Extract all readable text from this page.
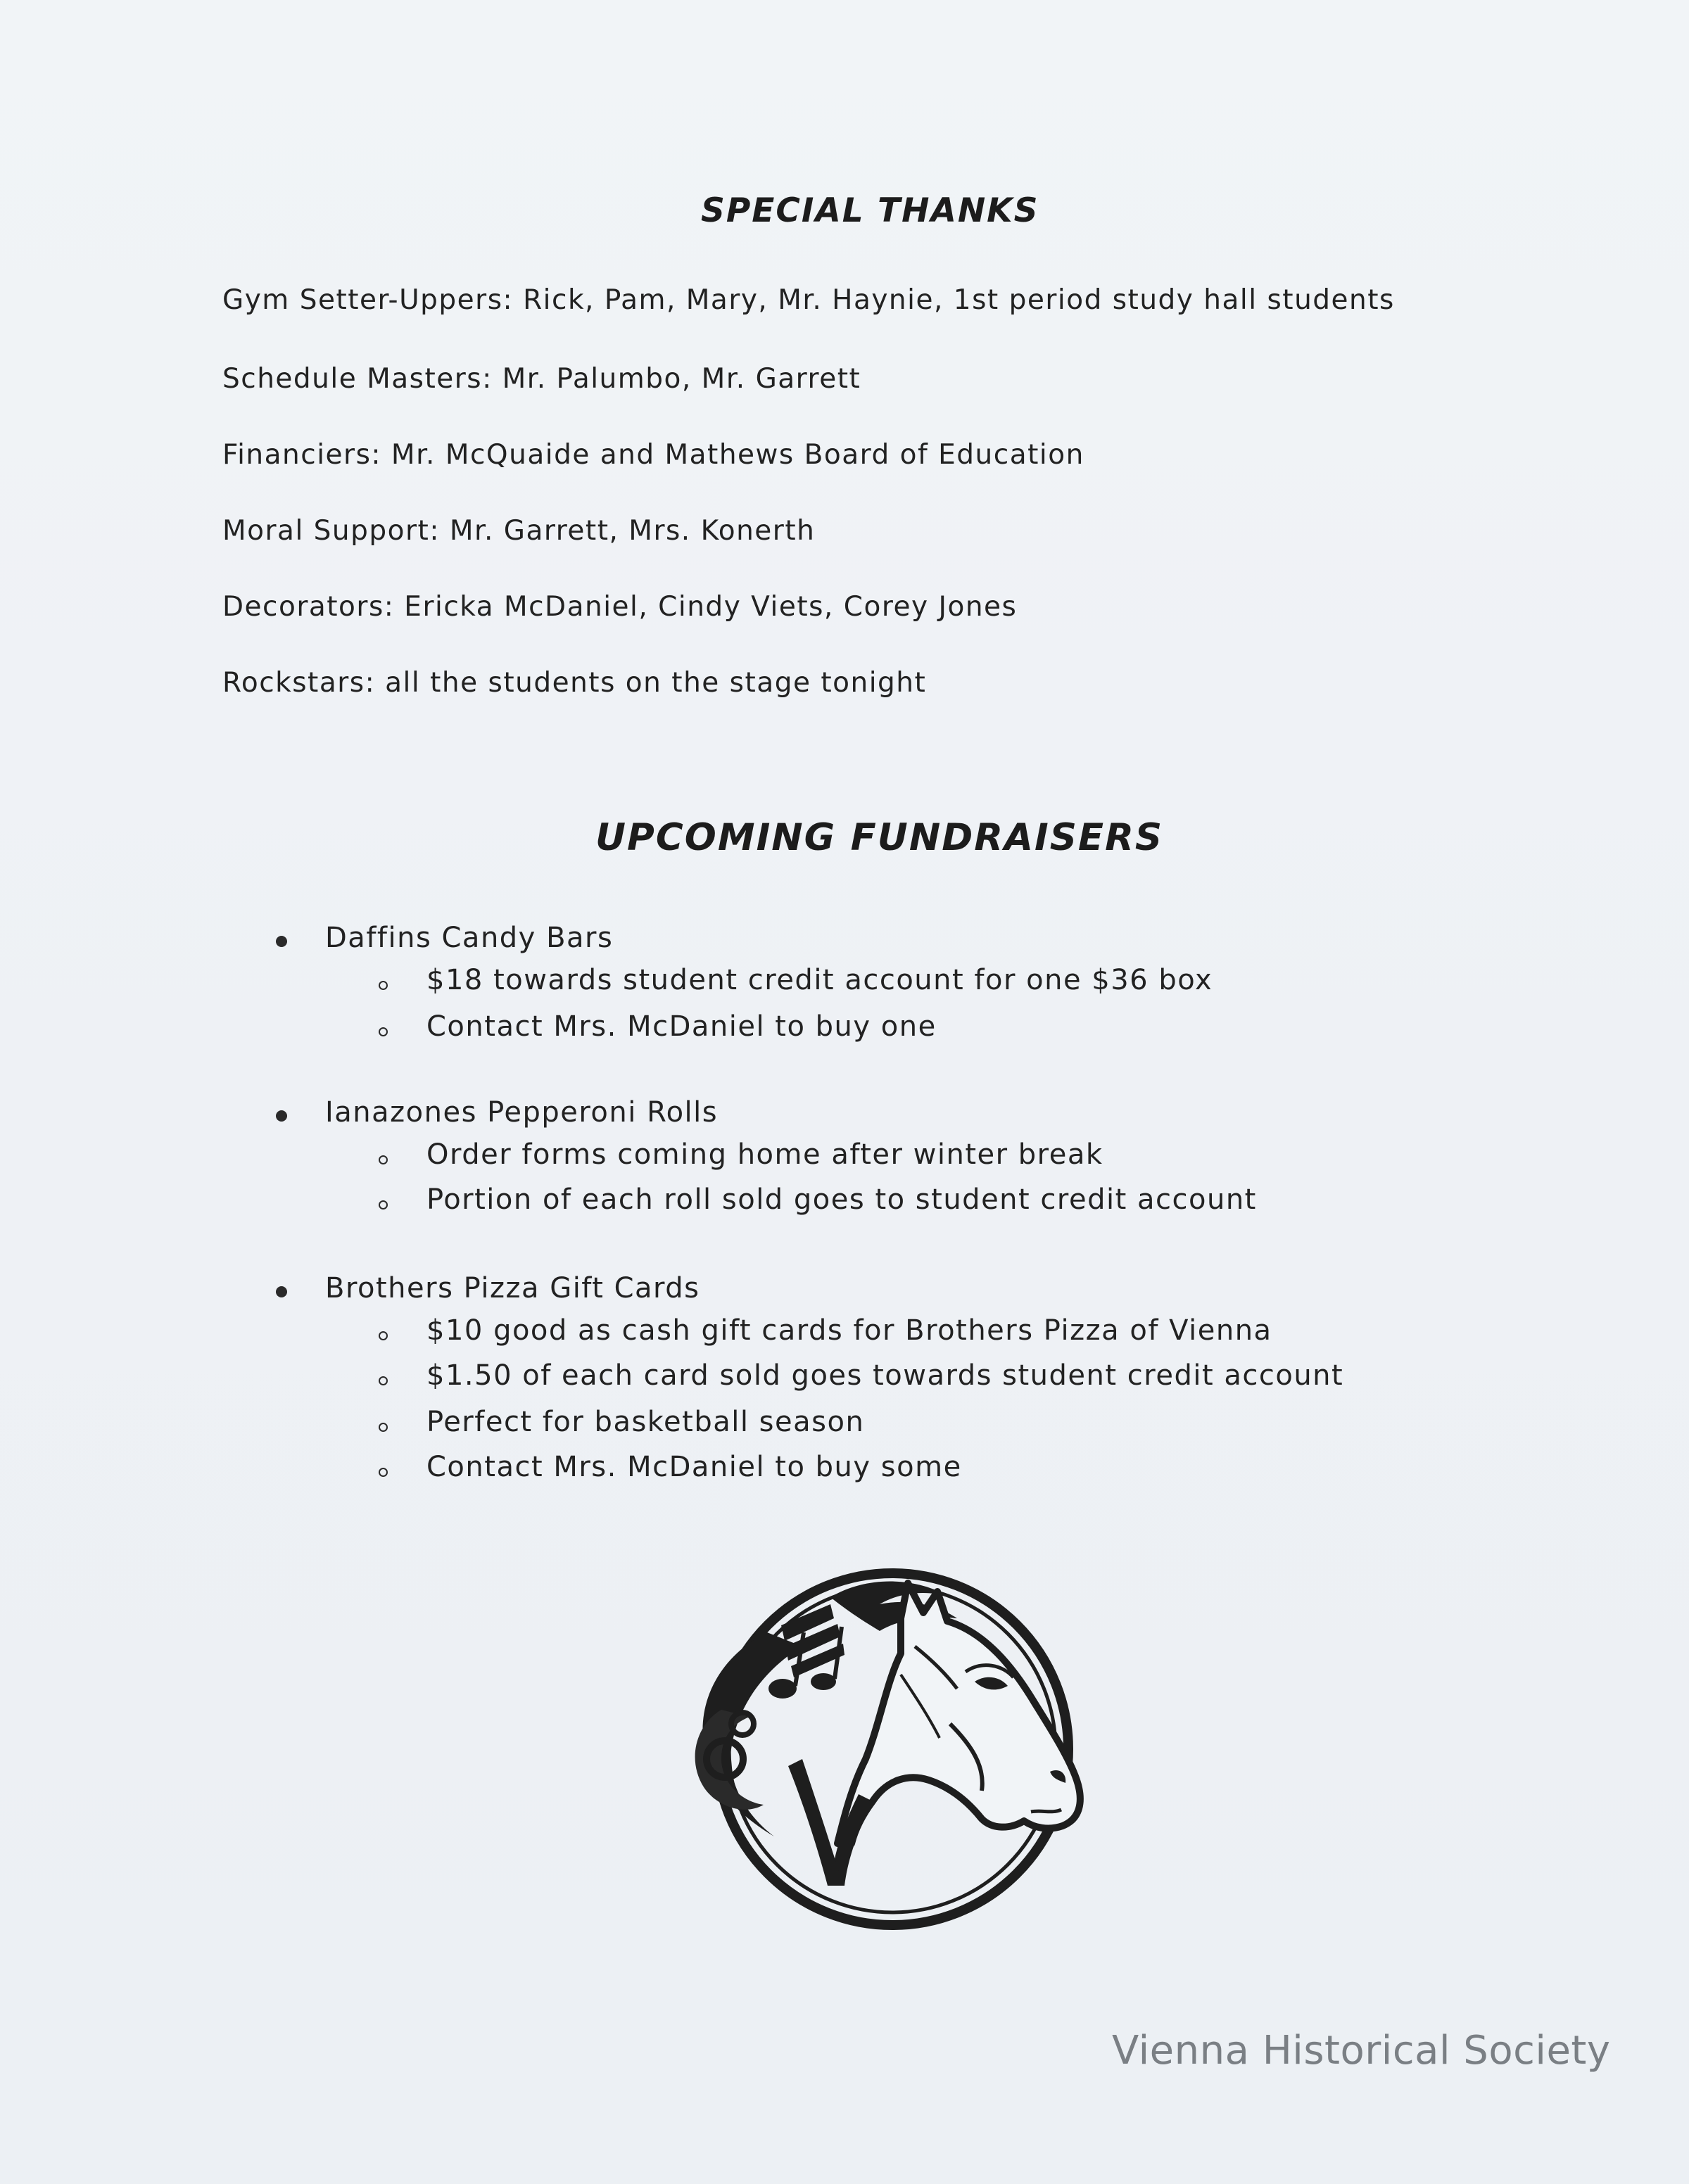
SPECIAL THANKS
Gym Setter-Uppers: Rick, Pam, Mary, Mr. Haynie, 1st period study hall students
Schedule Masters: Mr. Palumbo, Mr. Garrett
Financiers: Mr. McQuaide and Mathews Board of Education
Moral Support: Mr. Garrett, Mrs. Konerth
Decorators: Ericka McDaniel, Cindy Viets, Corey Jones
Rockstars: all the students on the stage tonight
UPCOMING FUNDRAISERS
Daffins Candy Bars
$18 towards student credit account for one $36 box
Contact Mrs. McDaniel to buy one
Ianazones Pepperoni Rolls
Order forms coming home after winter break
Portion of each roll sold goes to student credit account
Brothers Pizza Gift Cards
$10 good as cash gift cards for Brothers Pizza of Vienna
$1.50 of each card sold goes towards student credit account
Perfect for basketball season
Contact Mrs. McDaniel to buy some
Vienna Historical Society
